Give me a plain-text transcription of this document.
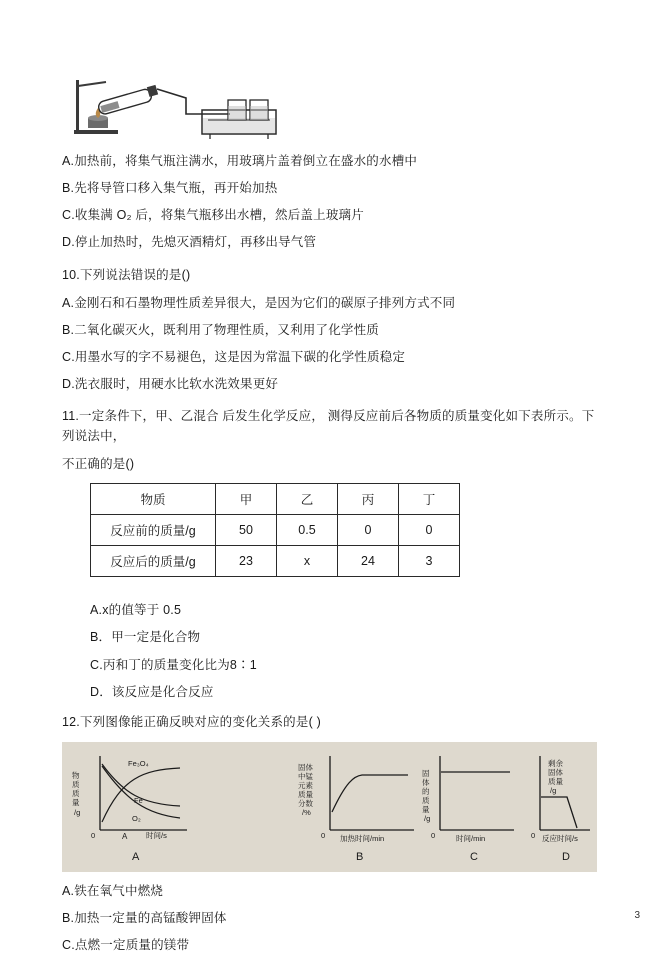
A.加热前，将集气瓶注满水，用玻璃片盖着倒立在盛水的水槽中
B.先将导管口移入集气瓶，再开始加热
C.收集满 O₂ 后，将集气瓶移出水槽，然后盖上玻璃片
D.停止加热时，先熄灭酒精灯，再移出导气管
10.下列说法错误的是()
A.金刚石和石墨物理性质差异很大，是因为它们的碳原子排列方式不同
B.二氧化碳灭火，既利用了物理性质，又利用了化学性质
C.用墨水写的字不易褪色，这是因为常温下碳的化学性质稳定
D.洗衣服时，用硬水比软水洗效果更好
11.一定条件下，甲、乙混合 后发生化学反应， 测得反应前后各物质的质量变化如下表所示。下列说法中，
不正确的是()
物质	甲	乙	丙	丁
反应前的质量/g	50	0.5	0	0
反应后的质量/g	23	x	24	3
A.x的值等于 0.5
B．甲一定是化合物
C.丙和丁的质量变化比为8∶1
D．该反应是化合反应
12.下列图像能正确反映对应的变化关系的是( )
物
质
质
量
/g
0	A 时间/s
Fe₃O₄
Fe
O₂
固体
中锰
元素
质量
分数
/%
0 加热时间/min
固
体
的
质
量
/g
0	时间/min
剩余
固体
质量
/g
0 反应时间/s
A	B	C	D
A.铁在氧气中燃烧
B.加热一定量的高锰酸钾固体
C.点燃一定质量的镁带
3
